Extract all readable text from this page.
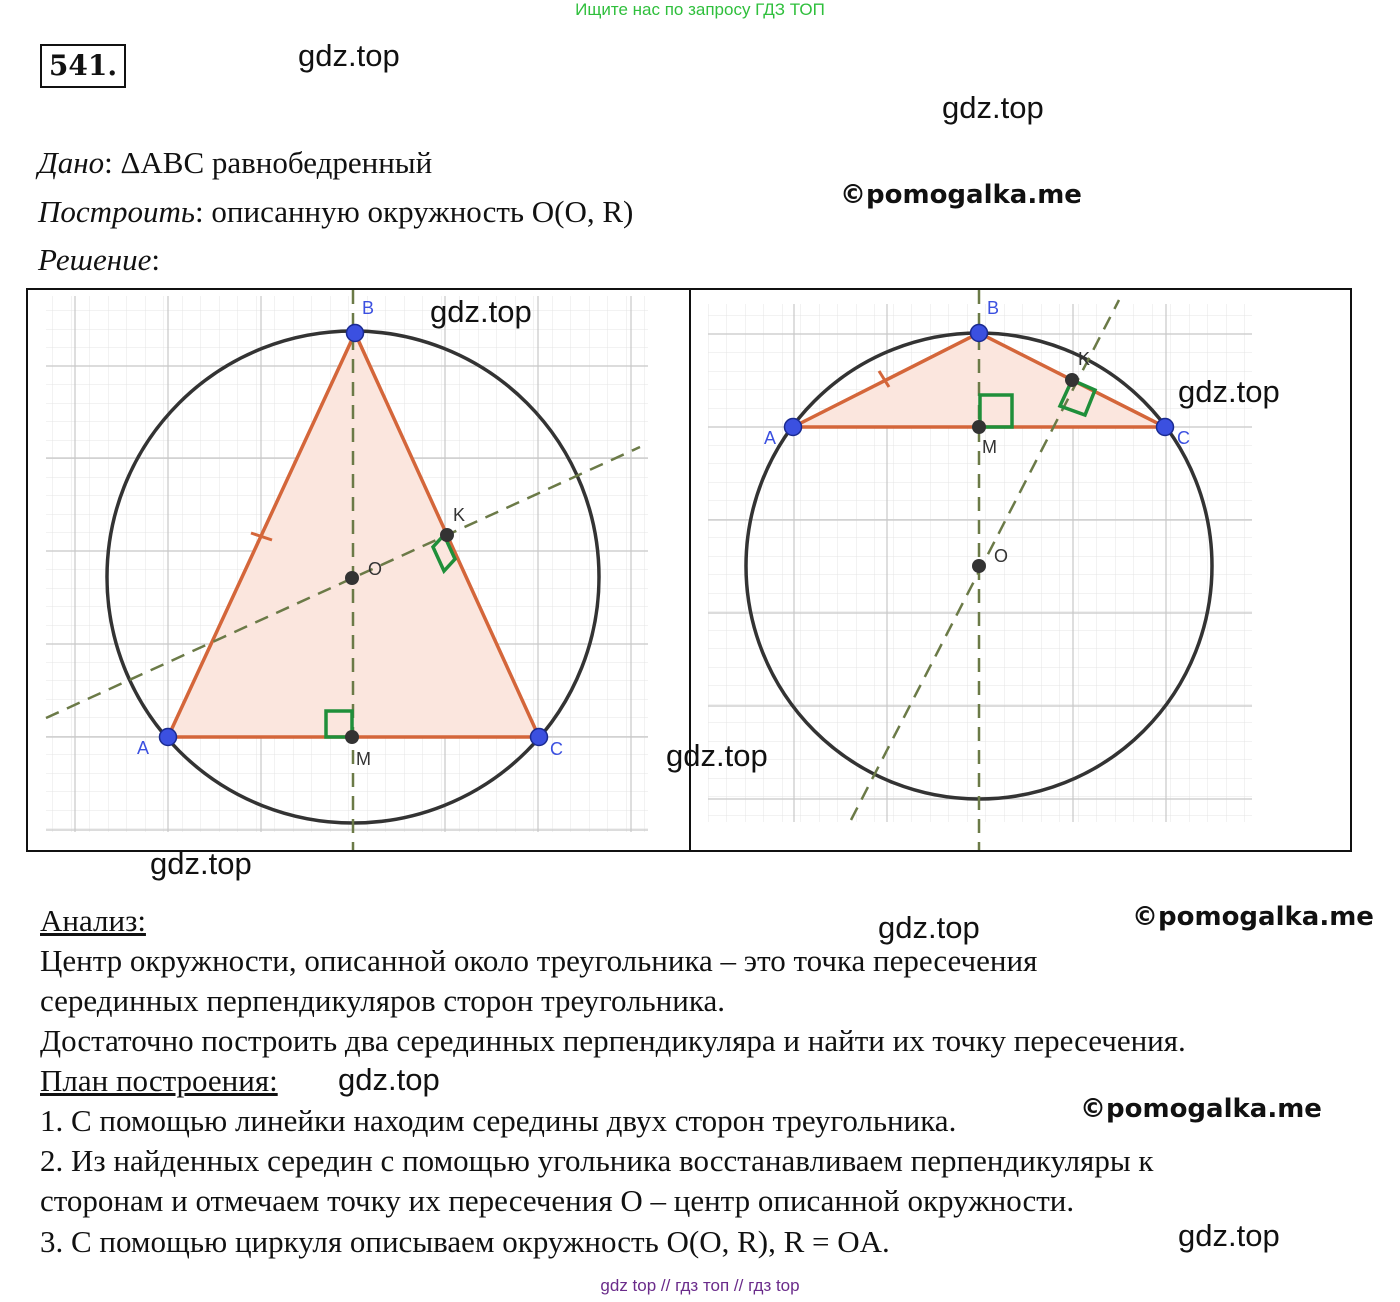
Ищите нас по запросу ГДЗ ТОП
541.	gdz.top
gdz.top
©pomogalka.me
Дано: ΔABC равнобедренный
Построить: описанную окружность O(O, R)
Решение:
A
B
C
M
O
K
A
B
C
M
O
K
gdz.top
gdz.top
gdz.top
gdz.top
gdz.top	©pomogalka.me
Анализ:
Центр окружности, описанной около треугольника – это точка пересечения
серединных перпендикуляров сторон треугольника.
Достаточно построить два серединных перпендикуляра и найти их точку пересечения.
План построения: gdz.top
1. С помощью линейки находим середины двух сторон треугольника.	©pomogalka.me
2. Из найденных середин с помощью угольника восстанавливаем перпендикуляры к
сторонам и отмечаем точку их пересечения O – центр описанной окружности.
3. С помощью циркуля описываем окружность O(O, R), R = OA.	gdz.top
gdz top // гдз топ // гдз top
